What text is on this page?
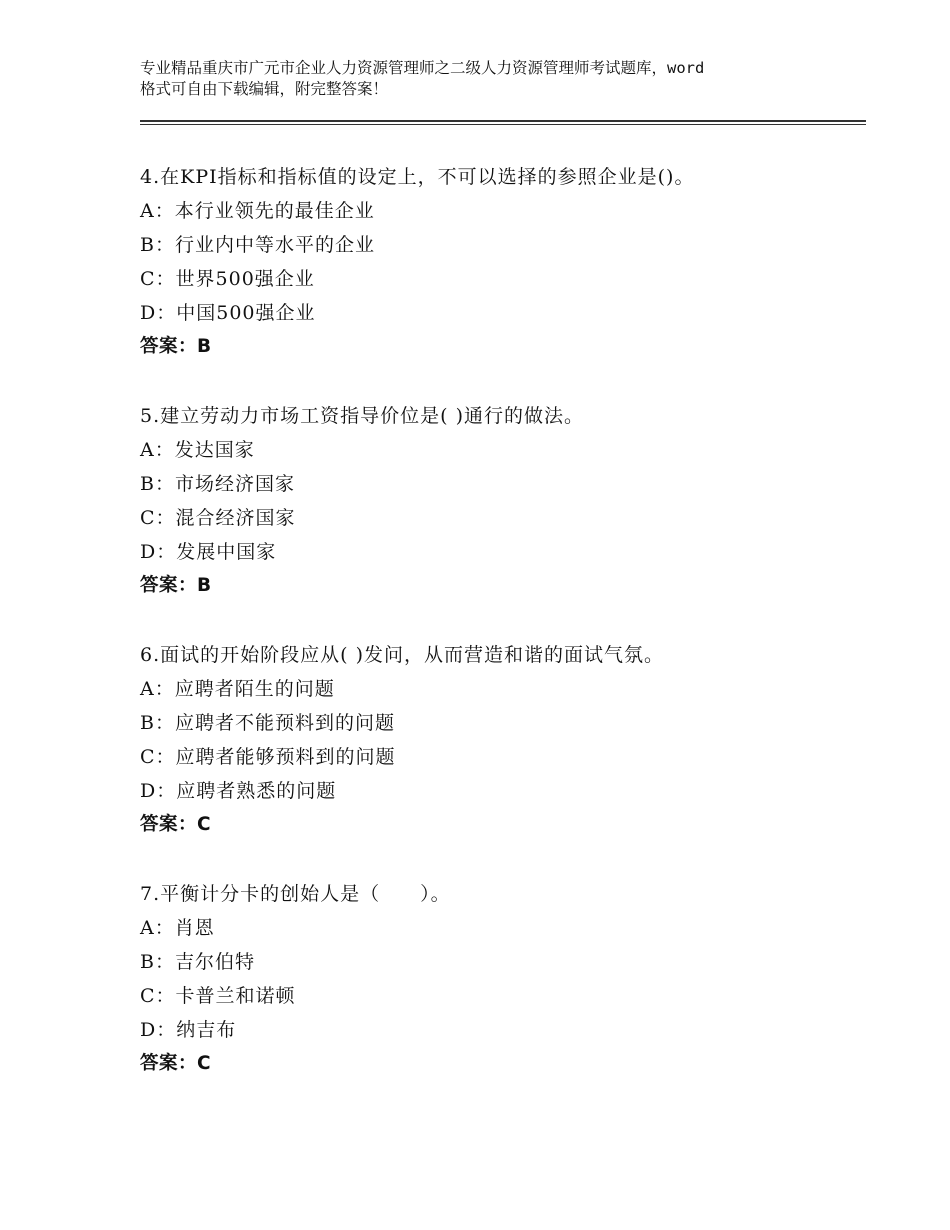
专业精品重庆市广元市企业人力资源管理师之二级人力资源管理师考试题库，word
格式可自由下载编辑，附完整答案！
4.在KPI指标和指标值的设定上，不可以选择的参照企业是()。
A：本行业领先的最佳企业
B：行业内中等水平的企业
C：世界500强企业
D：中国500强企业
答案：B
5.建立劳动力市场工资指导价位是( )通行的做法。
A：发达国家
B：市场经济国家
C：混合经济国家
D：发展中国家
答案：B
6.面试的开始阶段应从( )发问，从而营造和谐的面试气氛。
A：应聘者陌生的问题
B：应聘者不能预料到的问题
C：应聘者能够预料到的问题
D：应聘者熟悉的问题
答案：C
7.平衡计分卡的创始人是（　　）。
A：肖恩
B：吉尔伯特
C：卡普兰和诺顿
D：纳吉布
答案：C
